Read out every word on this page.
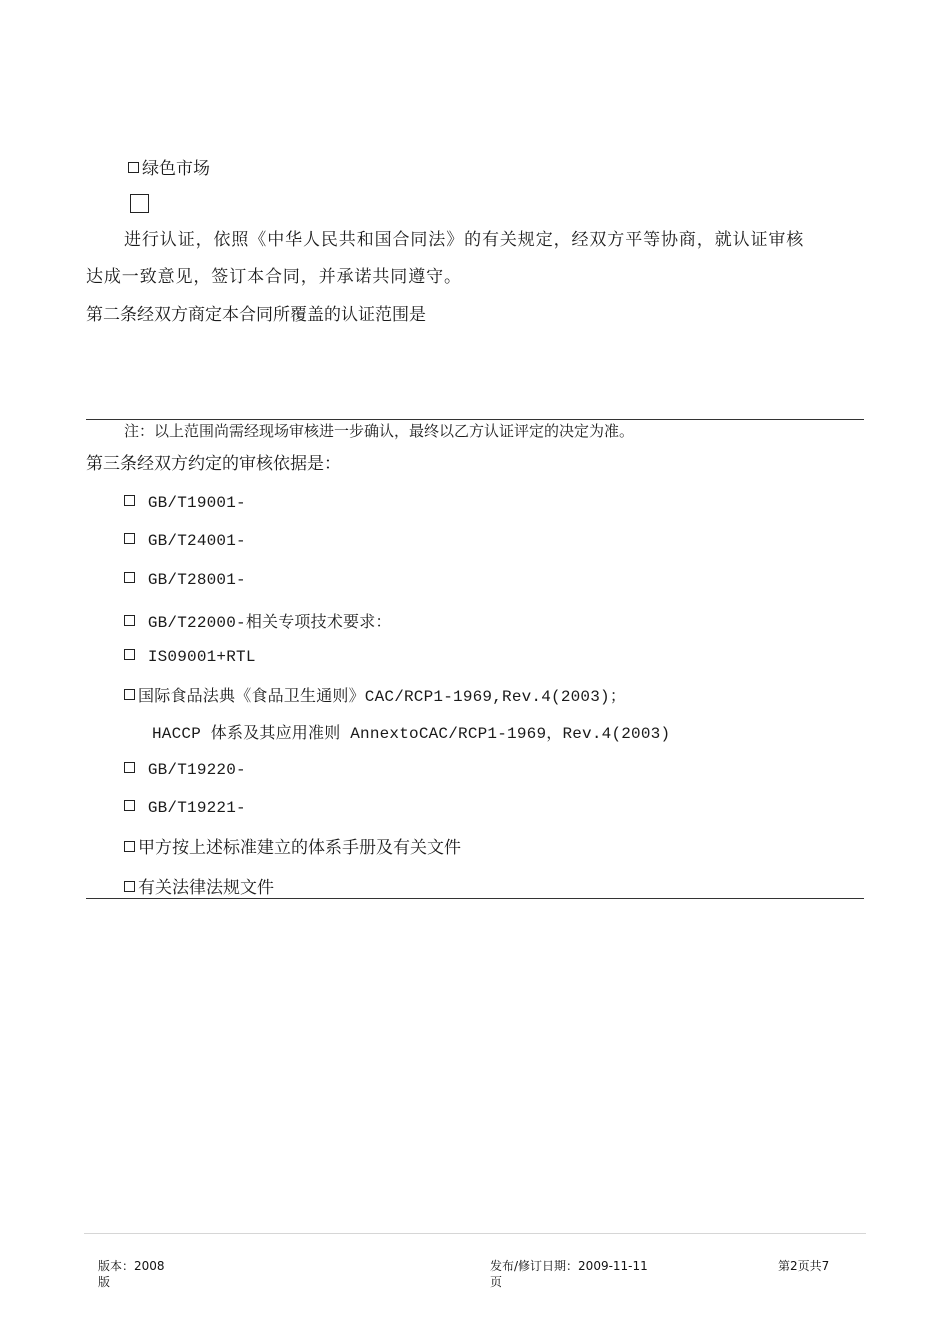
绿色市场
进行认证，依照《中华人民共和国合同法》的有关规定，经双方平等协商，就认证审核
达成一致意见，签订本合同，并承诺共同遵守。
第二条经双方商定本合同所覆盖的认证范围是
注：以上范围尚需经现场审核进一步确认，最终以乙方认证评定的决定为准。
第三条经双方约定的审核依据是：
GB/T19001-
GB/T24001-
GB/T28001-
GB/T22000-相关专项技术要求：
IS09001+RTL
国际食品法典《食品卫生通则》CAC/RCP1-1969,Rev.4(2003)；
HACCP 体系及其应用准则 AnnextoCAC/RCP1-1969，Rev.4(2003)
GB/T19220-
GB/T19221-
甲方按上述标准建立的体系手册及有关文件
有关法律法规文件
版本：2008版
发布/修订日期：2009-11-11页
第2页共7
